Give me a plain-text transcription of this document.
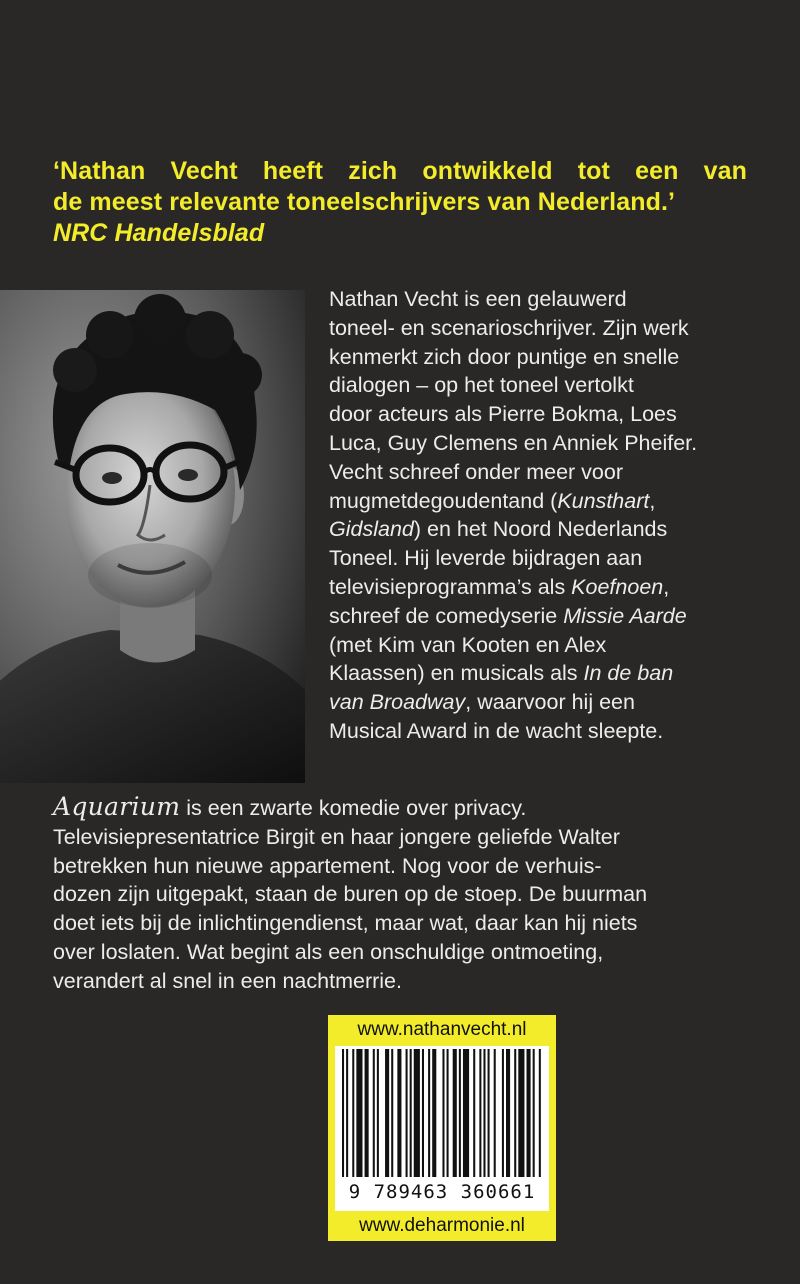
‘Nathan Vecht heeft zich ontwikkeld tot een van
de meest relevante toneelschrijvers van Nederland.’
NRC Handelsblad
Nathan Vecht is een gelauwerd
toneel- en scenarioschrijver. Zijn werk
kenmerkt zich door puntige en snelle
dialogen – op het toneel vertolkt
door acteurs als Pierre Bokma, Loes
Luca, Guy Clemens en Anniek Pheifer.
Vecht schreef onder meer voor
mugmetdegoudentand (Kunsthart,
Gidsland) en het Noord Nederlands
Toneel. Hij leverde bijdragen aan
televisieprogramma’s als Koefnoen,
schreef de comedyserie Missie Aarde
(met Kim van Kooten en Alex
Klaassen) en musicals als In de ban
van Broadway, waarvoor hij een
Musical Award in de wacht sleepte.
Aquarium is een zwarte komedie over privacy.
Televisiepresentatrice Birgit en haar jongere geliefde Walter
betrekken hun nieuwe appartement. Nog voor de verhuis-
dozen zijn uitgepakt, staan de buren op de stoep. De buurman
doet iets bij de inlichtingendienst, maar wat, daar kan hij niets
over loslaten. Wat begint als een onschuldige ontmoeting,
verandert al snel in een nachtmerrie.
www.nathanvecht.nl
9 789463 360661
www.deharmonie.nl
